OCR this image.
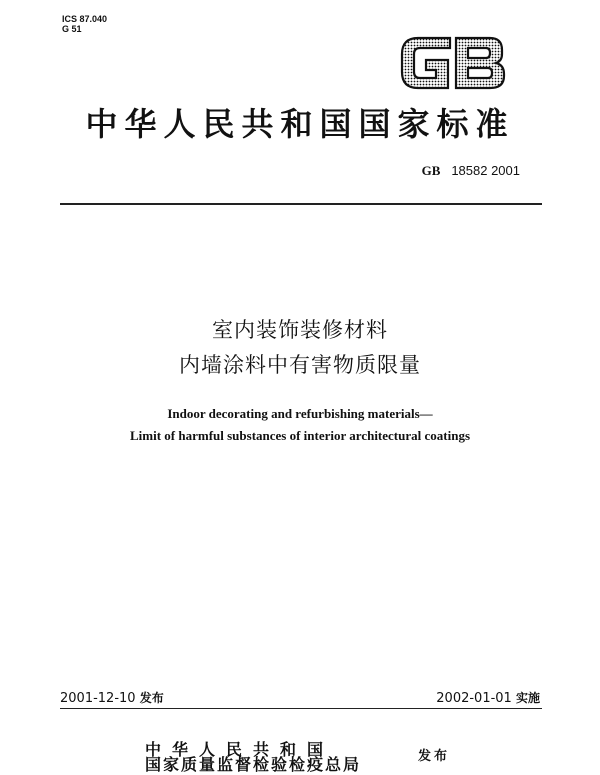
ICS 87.040
G 51
中华人民共和国国家标准
GB 18582 2001
室内装饰装修材料
内墙涂料中有害物质限量
Indoor decorating and refurbishing materials—
Limit of harmful substances of interior architectural coatings
2001-12-10 发布	2002-01-01 实施
中华人民共和国
国家质量监督检验检疫总局	发布
